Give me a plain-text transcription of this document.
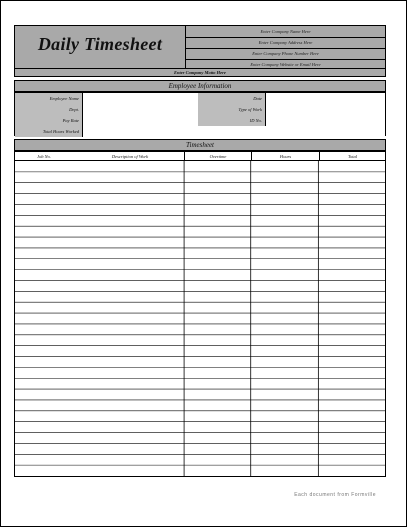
Daily Timesheet
Enter Company Name Here
Enter Company Address Here
Enter Company Phone Number Here
Enter Company Website or Email Here
Enter Company Motto Here
Employee Information
Employee Name	Date
Dept.	Type of Work
Pay Rate	ID No.
Total Hours Worked
Timesheet
Job No.	Description of Work	Overtime	Hours	Total
Each document from Formville
